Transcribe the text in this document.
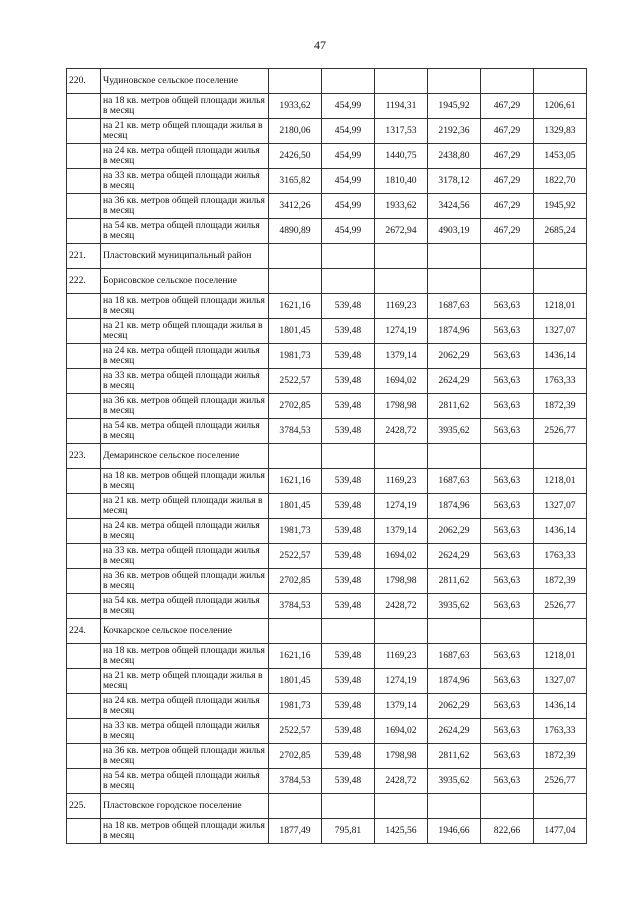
47
220.	Чудиновское сельское поселение						
	на 18 кв. метров общей площади жилья в месяц	1933,62	454,99	1194,31	1945,92	467,29	1206,61
	на 21 кв. метр общей площади жилья в месяц	2180,06	454,99	1317,53	2192,36	467,29	1329,83
	на 24 кв. метра общей площади жилья в месяц	2426,50	454,99	1440,75	2438,80	467,29	1453,05
	на 33 кв. метра общей площади жилья в месяц	3165,82	454,99	1810,40	3178,12	467,29	1822,70
	на 36 кв. метров общей площади жилья в месяц	3412,26	454,99	1933,62	3424,56	467,29	1945,92
	на 54 кв. метра общей площади жилья в месяц	4890,89	454,99	2672,94	4903,19	467,29	2685,24
221.	Пластовский муниципальный район						
222.	Борисовское сельское поселение						
	на 18 кв. метров общей площади жилья в месяц	1621,16	539,48	1169,23	1687,63	563,63	1218,01
	на 21 кв. метр общей площади жилья в месяц	1801,45	539,48	1274,19	1874,96	563,63	1327,07
	на 24 кв. метра общей площади жилья в месяц	1981,73	539,48	1379,14	2062,29	563,63	1436,14
	на 33 кв. метра общей площади жилья в месяц	2522,57	539,48	1694,02	2624,29	563,63	1763,33
	на 36 кв. метров общей площади жилья в месяц	2702,85	539,48	1798,98	2811,62	563,63	1872,39
	на 54 кв. метра общей площади жилья в месяц	3784,53	539,48	2428,72	3935,62	563,63	2526,77
223.	Демаринское сельское поселение						
	на 18 кв. метров общей площади жилья в месяц	1621,16	539,48	1169,23	1687,63	563,63	1218,01
	на 21 кв. метр общей площади жилья в месяц	1801,45	539,48	1274,19	1874,96	563,63	1327,07
	на 24 кв. метра общей площади жилья в месяц	1981,73	539,48	1379,14	2062,29	563,63	1436,14
	на 33 кв. метра общей площади жилья в месяц	2522,57	539,48	1694,02	2624,29	563,63	1763,33
	на 36 кв. метров общей площади жилья в месяц	2702,85	539,48	1798,98	2811,62	563,63	1872,39
	на 54 кв. метра общей площади жилья в месяц	3784,53	539,48	2428,72	3935,62	563,63	2526,77
224.	Кочкарское сельское поселение						
	на 18 кв. метров общей площади жилья в месяц	1621,16	539,48	1169,23	1687,63	563,63	1218,01
	на 21 кв. метр общей площади жилья в месяц	1801,45	539,48	1274,19	1874,96	563,63	1327,07
	на 24 кв. метра общей площади жилья в месяц	1981,73	539,48	1379,14	2062,29	563,63	1436,14
	на 33 кв. метра общей площади жилья в месяц	2522,57	539,48	1694,02	2624,29	563,63	1763,33
	на 36 кв. метров общей площади жилья в месяц	2702,85	539,48	1798,98	2811,62	563,63	1872,39
	на 54 кв. метра общей площади жилья в месяц	3784,53	539,48	2428,72	3935,62	563,63	2526,77
225.	Пластовское городское поселение						
	на 18 кв. метров общей площади жилья в месяц	1877,49	795,81	1425,56	1946,66	822,66	1477,04
